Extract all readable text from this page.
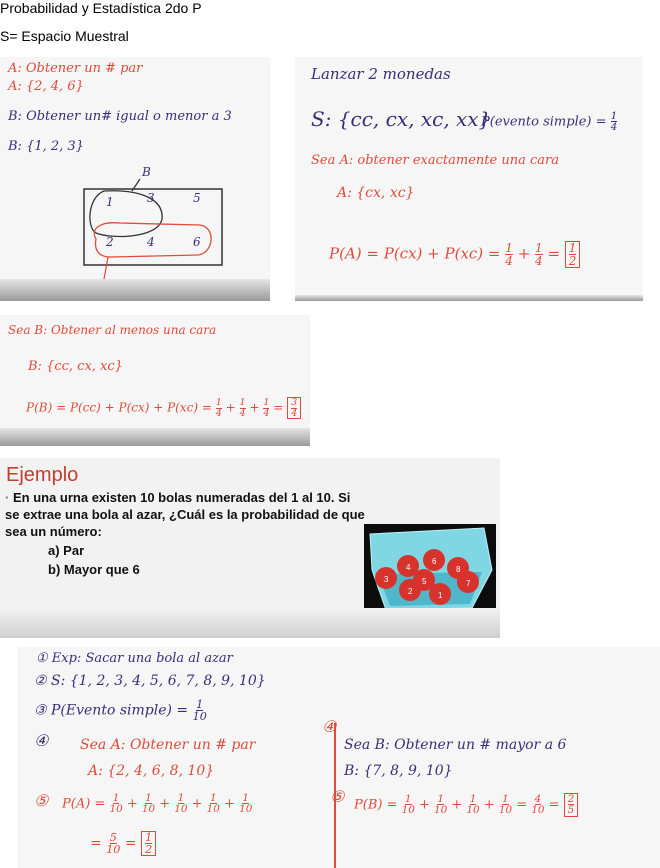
Probabilidad y Estadística 2do P
S= Espacio Muestral
A: Obtener un # par
A: {2, 4, 6}
B: Obtener un# igual o menor a 3
B: {1, 2, 3}
B
1	3	5
2	4	6
Lanzar 2 monedas
S: {cc, cx, xc, xx}
P(evento simple) = $\frac{1}{4}$
Sea A: obtener exactamente una cara
A: {cx, xc}
$P(A) = P(cx) + P(xc) = \frac{1}{4} + \frac{1}{4} = \frac{1}{2}$
Sea B: Obtener al menos una cara
B: {cc, cx, xc}
$P(B) = P(cc) + P(cx) + P(xc) = \frac{1}{4} + \frac{1}{4} + \frac{1}{4} = \frac{3}{4}$
Ejemplo
· En una urna existen 10 bolas numeradas del 1 al 10. Si se extrae una bola al azar, ¿Cuál es la probabilidad de que sea un número:
a) Par
b) Mayor que 6	4	8
3	5	7
2	1
6
① Exp: Sacar una bola al azar
② S: {1, 2, 3, 4, 5, 6, 7, 8, 9, 10}
③ P(Evento simple) = $\frac{1}{10}$
④ Sea A: Obtener un # par
A: {2, 4, 6, 8, 10}
⑤ $P(A) = \frac{1}{10} + \frac{1}{10} + \frac{1}{10} + \frac{1}{10} + \frac{1}{10}$
= $\frac{5}{10} = \frac{1}{2}$
④
Sea B: Obtener un # mayor a 6
B: {7, 8, 9, 10}
⑤ $P(B) = \frac{1}{10} + \frac{1}{10} + \frac{1}{10} + \frac{1}{10} = \frac{4}{10} = \frac{2}{5}$
